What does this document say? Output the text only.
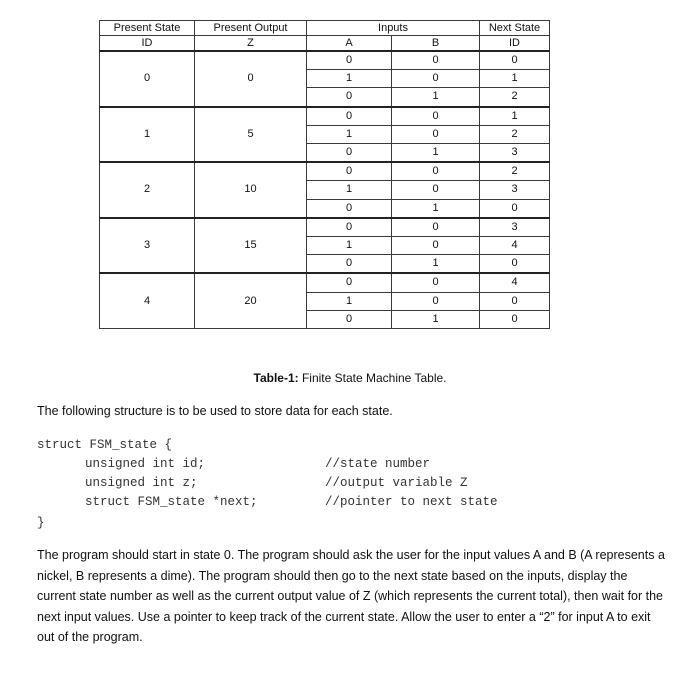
Present State	Present Output	Inputs		Next State
ID	Z	A	B	ID
0	0	0	0	0
		1	0	1
		0	1	2
1	5	0	0	1
		1	0	2
		0	1	3
2	10	0	0	2
		1	0	3
		0	1	0
3	15	0	0	3
		1	0	4
		0	1	0
4	20	0	0	4
		1	0	0
		0	1	0
Table-1: Finite State Machine Table.
The following structure is to be used to store data for each state.
struct FSM_state {
unsigned int id;
unsigned int z;
struct FSM_state *next;
//state number
//output variable Z
//pointer to next state
}
The program should start in state 0. The program should ask the user for the input values A and B (A represents a nickel, B represents a dime). The program should then go to the next state based on the inputs, display the current state number as well as the current output value of Z (which represents the current total), then wait for the next input values. Use a pointer to keep track of the current state. Allow the user to enter a “2” for input A to exit out of the program.
